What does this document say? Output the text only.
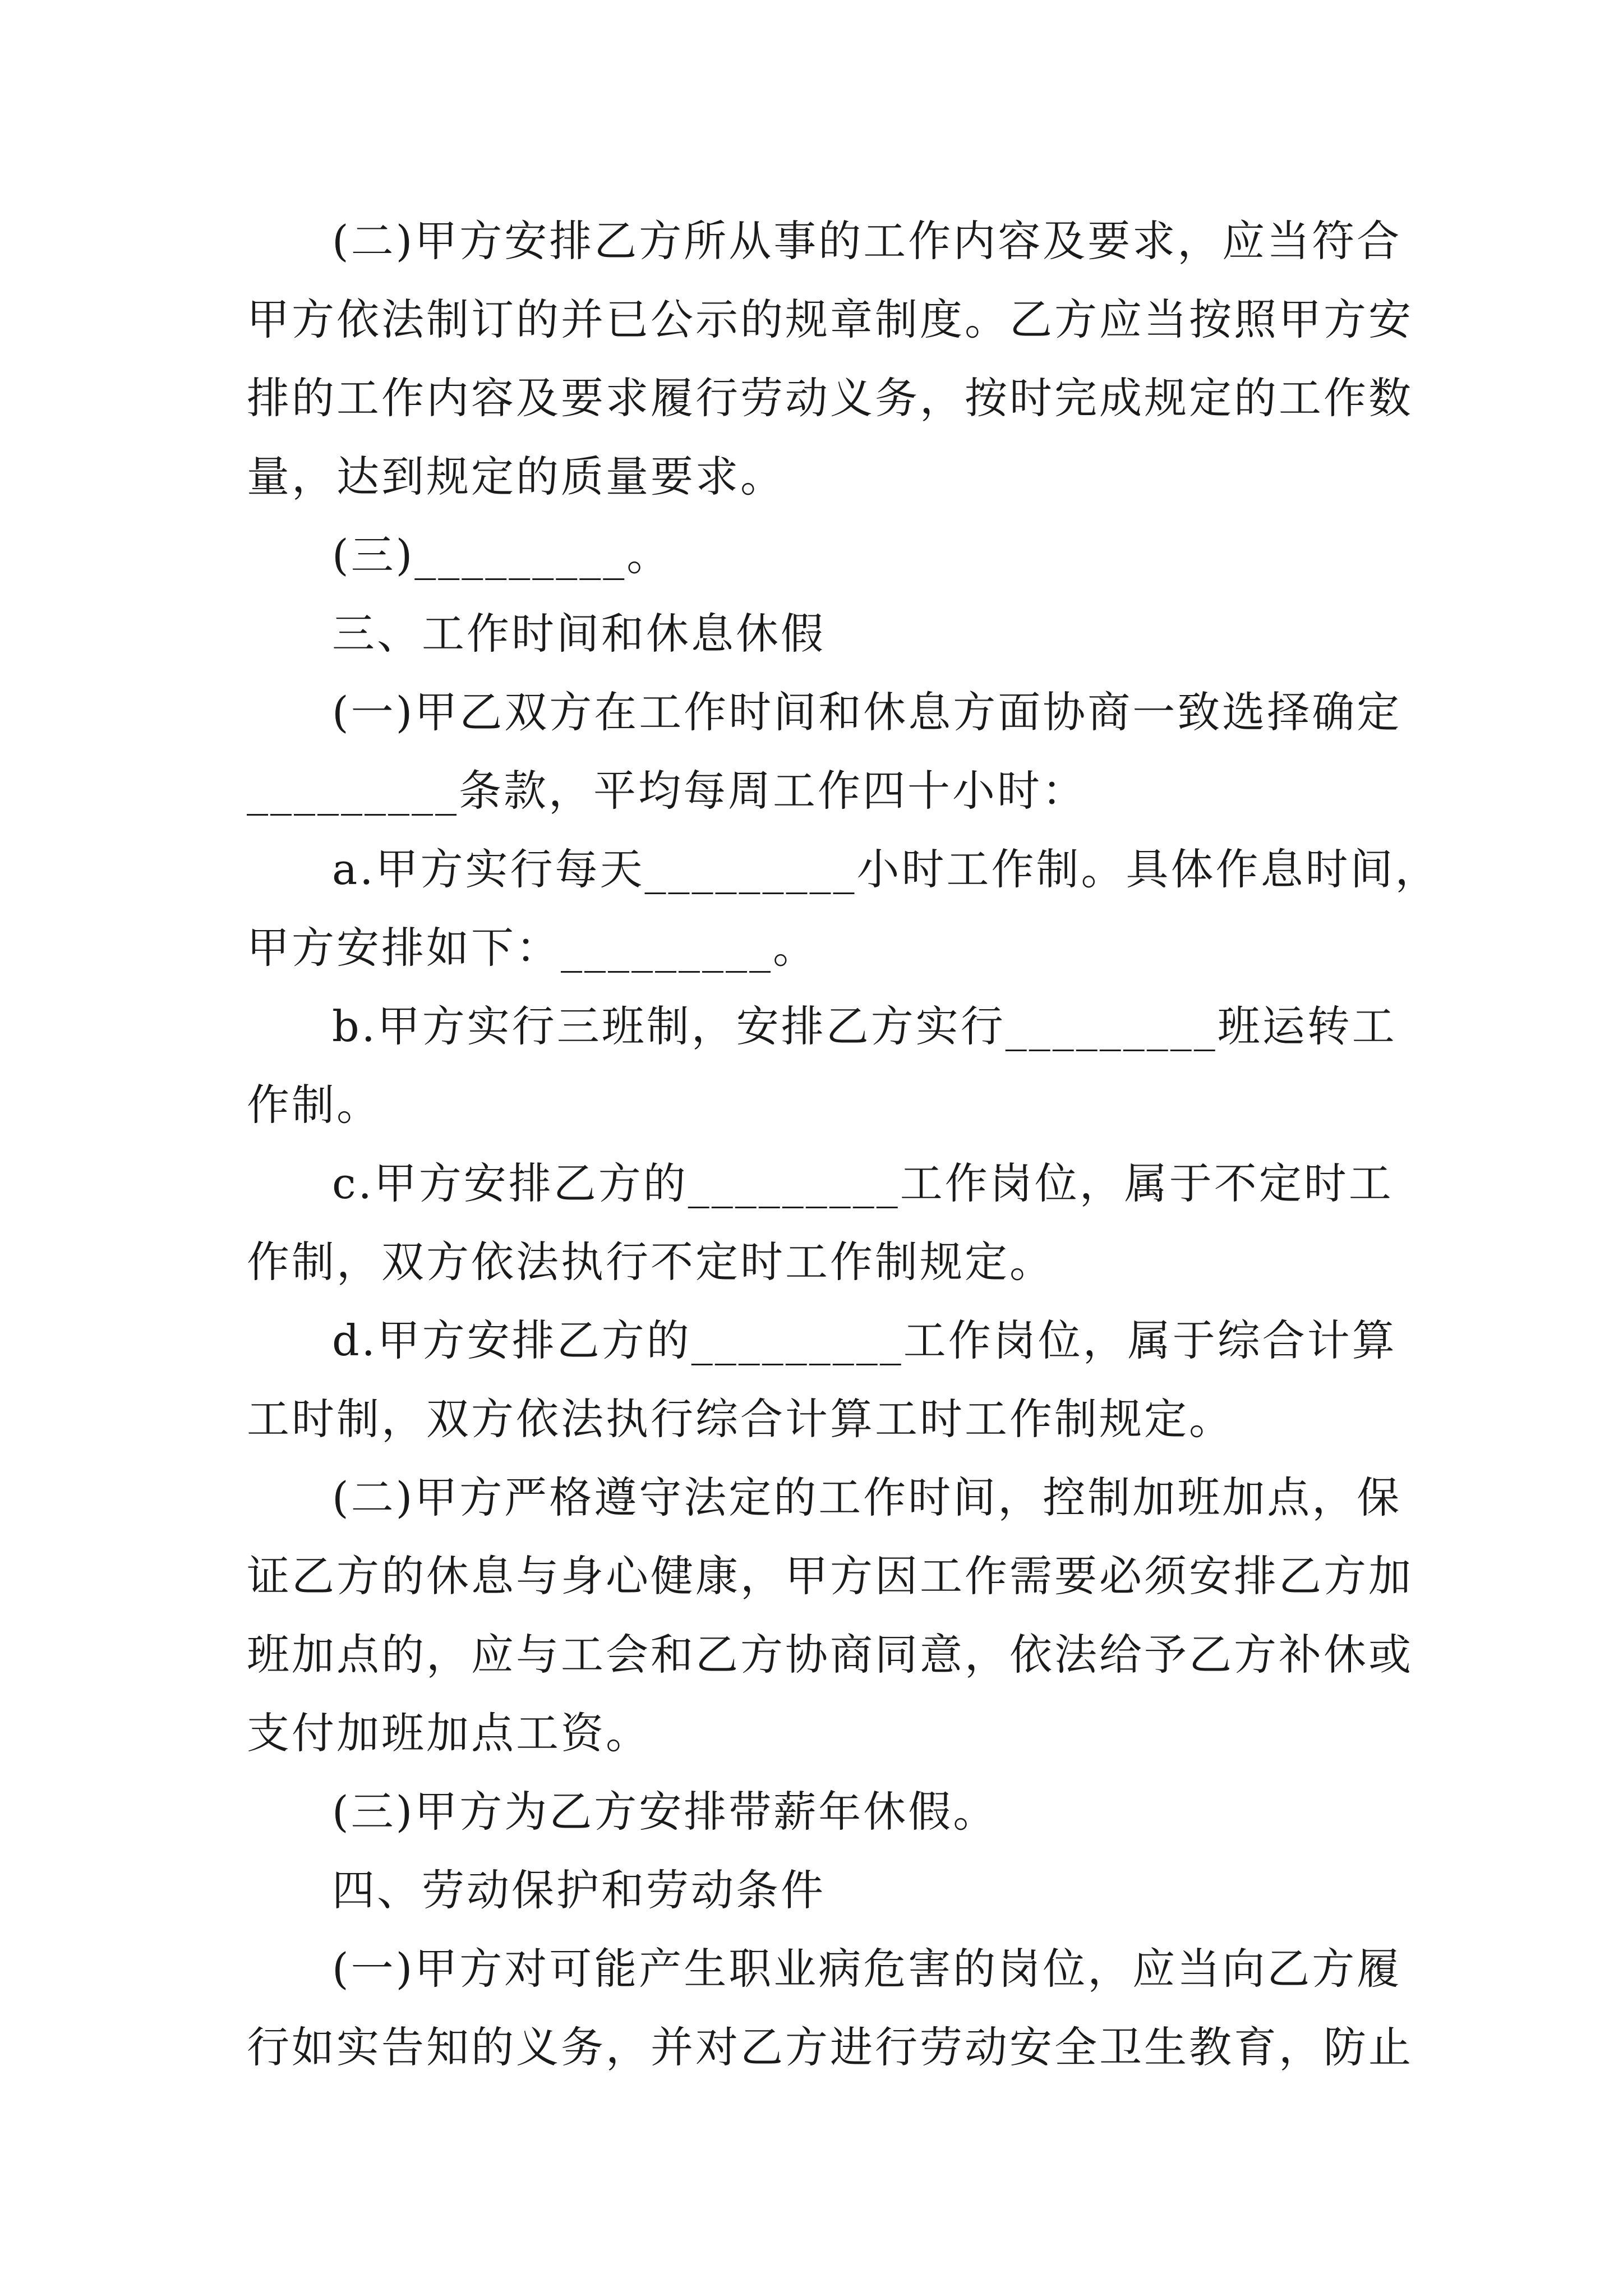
(二)甲方安排乙方所从事的工作内容及要求，应当符合
甲方依法制订的并已公示的规章制度。乙方应当按照甲方安
排的工作内容及要求履行劳动义务，按时完成规定的工作数
量，达到规定的质量要求。
(三)_________。
三、工作时间和休息休假
(一)甲乙双方在工作时间和休息方面协商一致选择确定
_________条款，平均每周工作四十小时：
a.甲方实行每天_________小时工作制。具体作息时间，
甲方安排如下：_________。
b.甲方实行三班制，安排乙方实行_________班运转工
作制。
c.甲方安排乙方的_________工作岗位，属于不定时工
作制，双方依法执行不定时工作制规定。
d.甲方安排乙方的_________工作岗位，属于综合计算
工时制，双方依法执行综合计算工时工作制规定。
(二)甲方严格遵守法定的工作时间，控制加班加点，保
证乙方的休息与身心健康，甲方因工作需要必须安排乙方加
班加点的，应与工会和乙方协商同意，依法给予乙方补休或
支付加班加点工资。
(三)甲方为乙方安排带薪年休假。
四、劳动保护和劳动条件
(一)甲方对可能产生职业病危害的岗位，应当向乙方履
行如实告知的义务，并对乙方进行劳动安全卫生教育，防止
